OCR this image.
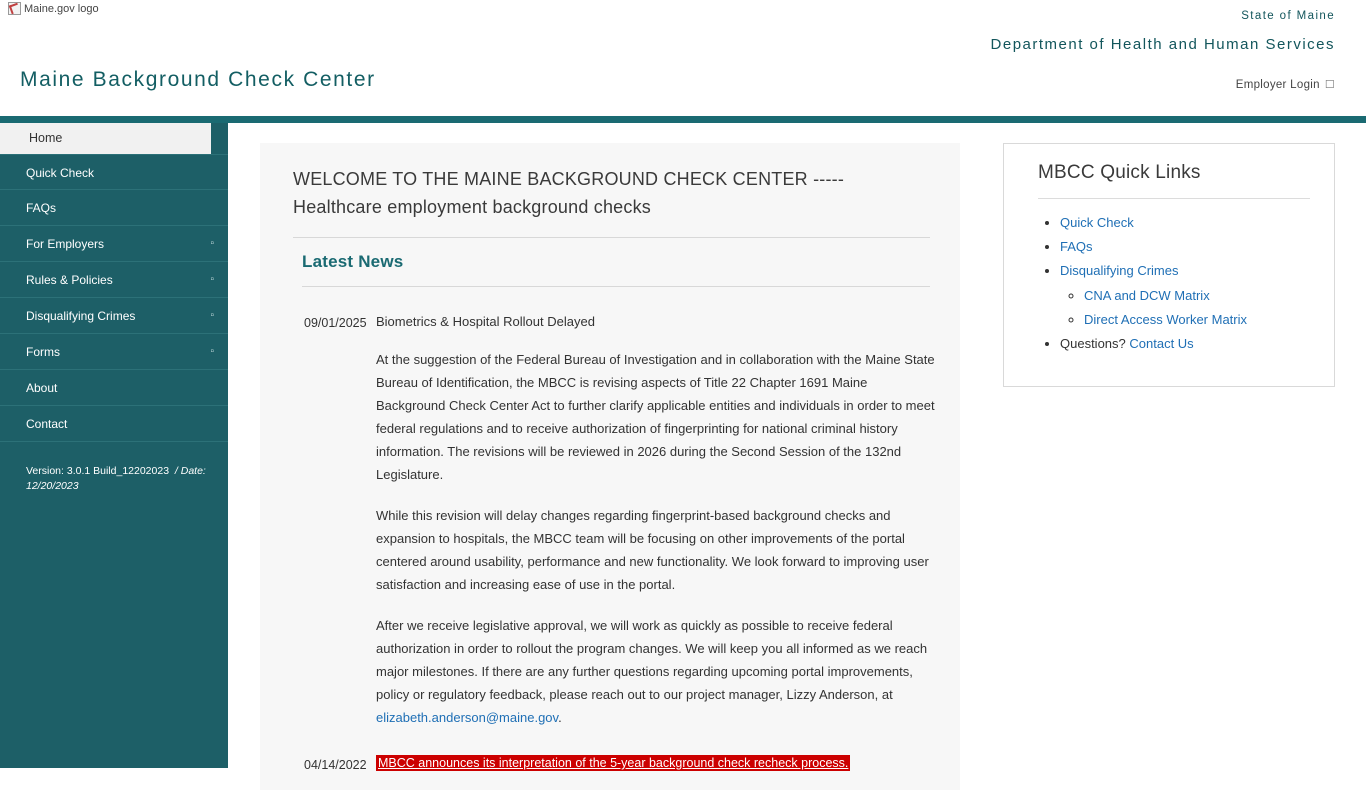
Maine.gov logo
State of Maine
Department of Health and Human Services
Maine Background Check Center	Employer Login ☐
Home
Quick Check
FAQs
For Employers	▫
Rules & Policies	▫
Disqualifying Crimes	▫
Forms	▫
About
Contact
Version: 3.0.1 Build_12202023 / Date: 12/20/2023
WELCOME TO THE MAINE BACKGROUND CHECK CENTER ----- Healthcare employment background checks
Latest News
09/01/2025 Biometrics & Hospital Rollout Delayed
At the suggestion of the Federal Bureau of Investigation and in collaboration with the Maine State Bureau of Identification, the MBCC is revising aspects of Title 22 Chapter 1691 Maine Background Check Center Act to further clarify applicable entities and individuals in order to meet federal regulations and to receive authorization of fingerprinting for national criminal history information. The revisions will be reviewed in 2026 during the Second Session of the 132nd Legislature.
While this revision will delay changes regarding fingerprint-based background checks and expansion to hospitals, the MBCC team will be focusing on other improvements of the portal centered around usability, performance and new functionality. We look forward to improving user satisfaction and increasing ease of use in the portal.
After we receive legislative approval, we will work as quickly as possible to receive federal authorization in order to rollout the program changes. We will keep you all informed as we reach major milestones. If there are any further questions regarding upcoming portal improvements, policy or regulatory feedback, please reach out to our project manager, Lizzy Anderson, at elizabeth.anderson@maine.gov.
04/14/2022 MBCC announces its interpretation of the 5-year background check recheck process.
MBCC Quick Links
• Quick Check
• FAQs
• Disqualifying Crimes
◦ CNA and DCW Matrix
◦ Direct Access Worker Matrix
• Questions? Contact Us
